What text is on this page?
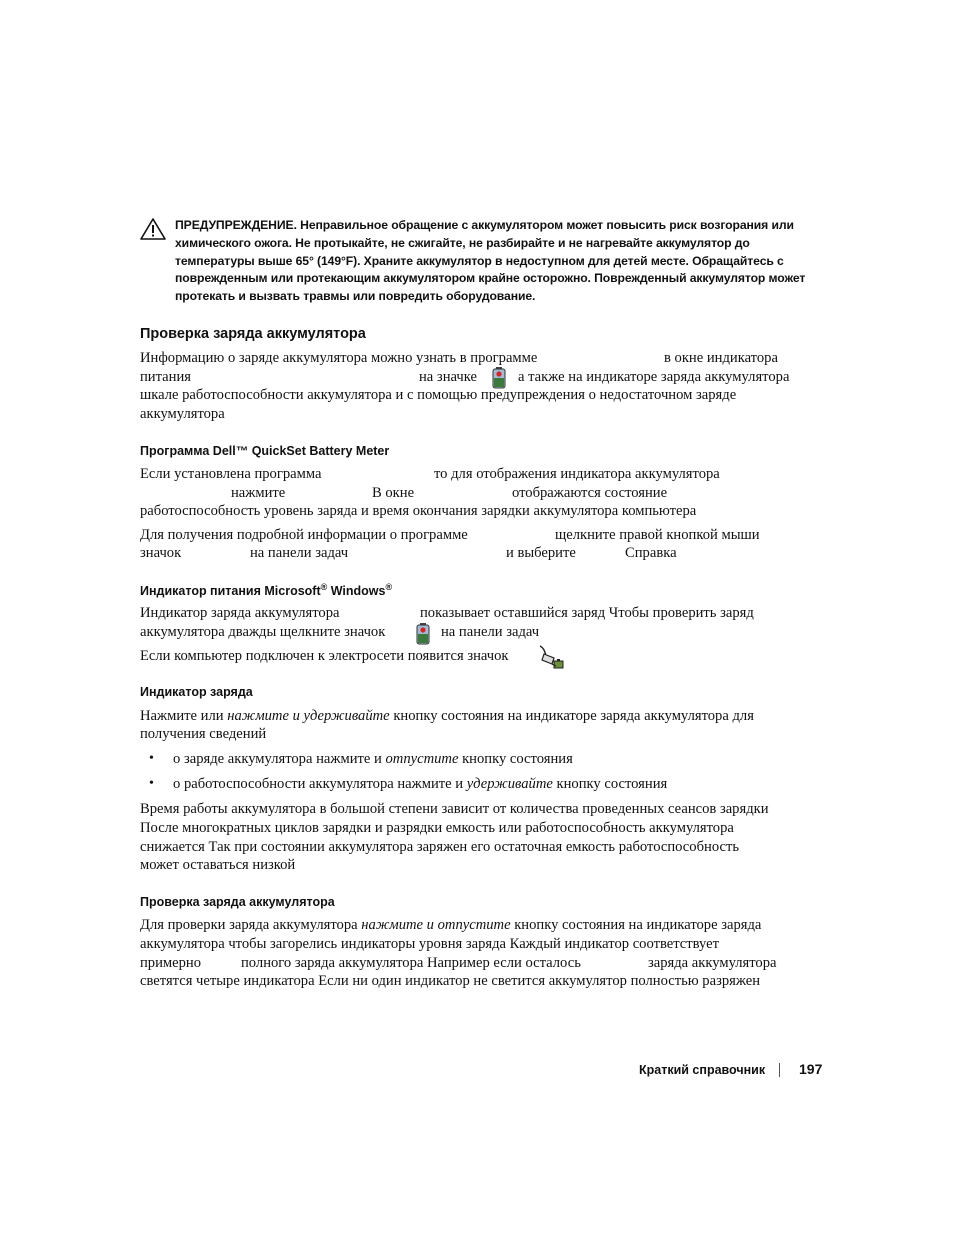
ПРЕДУПРЕЖДЕНИЕ. Неправильное обращение с аккумулятором может повысить риск возгорания или химического ожога. Не протыкайте, не сжигайте, не разбирайте и не нагревайте аккумулятор до температуры выше 65° (149°F). Храните аккумулятор в недоступном для детей месте. Обращайтесь с поврежденным или протекающим аккумулятором крайне осторожно. Поврежденный аккумулятор может протекать и вызвать травмы или повредить оборудование.
Проверка заряда аккумулятора
Информацию о заряде аккумулятора можно узнать в программе	в окне индикатора
питания	на значке	а также на индикаторе заряда аккумулятора
шкале работоспособности аккумулятора и с помощью предупреждения о недостаточном заряде
аккумулятора
Программа Dell™ QuickSet Battery Meter
Если установлена программа	то для отображения индикатора аккумулятора
нажмите	В окне	отображаются состояние
работоспособность уровень заряда и время окончания зарядки аккумулятора компьютера
Для получения подробной информации о программе	щелкните правой кнопкой мыши
значок	на панели задач	и выберите	Справка
Индикатор питания Microsoft® Windows®
Индикатор заряда аккумулятора	показывает оставшийся заряд Чтобы проверить заряд
аккумулятора дважды щелкните значок	на панели задач
Если компьютер подключен к электросети появится значок
Индикатор заряда
Нажмите или нажмите и удерживайте кнопку состояния на индикаторе заряда аккумулятора для
получения сведений
• о заряде аккумулятора нажмите и отпустите кнопку состояния
• о работоспособности аккумулятора нажмите и удерживайте кнопку состояния
Время работы аккумулятора в большой степени зависит от количества проведенных сеансов зарядки
После многократных циклов зарядки и разрядки емкость или работоспособность аккумулятора
снижается Так при состоянии аккумулятора заряжен его остаточная емкость работоспособность
может оставаться низкой
Проверка заряда аккумулятора
Для проверки заряда аккумулятора нажмите и отпустите кнопку состояния на индикаторе заряда
аккумулятора чтобы загорелись индикаторы уровня заряда Каждый индикатор соответствует
примерно	полного заряда аккумулятора Например если осталось	заряда аккумулятора
светятся четыре индикатора Если ни один индикатор не светится аккумулятор полностью разряжен
Краткий справочник 197
